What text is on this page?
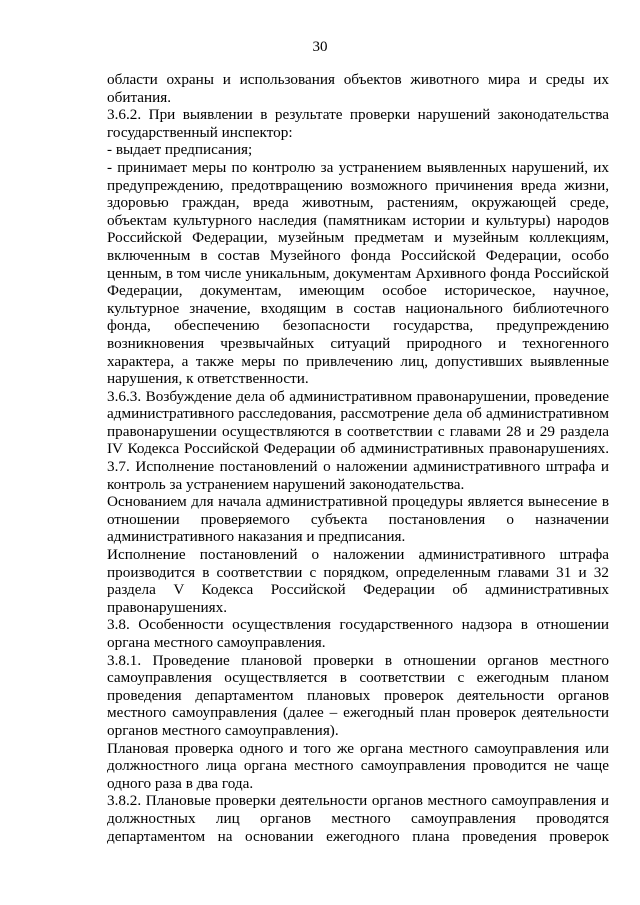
30
области охраны и использования объектов животного мира и среды их
обитания.
3.6.2. При выявлении в результате проверки нарушений законодательства
государственный инспектор:
- выдает предписания;
- принимает меры по контролю за устранением выявленных нарушений, их
предупреждению, предотвращению возможного причинения вреда жизни,
здоровью граждан, вреда животным, растениям, окружающей среде,
объектам культурного наследия (памятникам истории и культуры) народов
Российской Федерации, музейным предметам и музейным коллекциям,
включенным в состав Музейного фонда Российской Федерации, особо
ценным, в том числе уникальным, документам Архивного фонда Российской
Федерации, документам, имеющим особое историческое, научное,
культурное значение, входящим в состав национального библиотечного
фонда, обеспечению безопасности государства, предупреждению
возникновения чрезвычайных ситуаций природного и техногенного
характера, а также меры по привлечению лиц, допустивших выявленные
нарушения, к ответственности.
3.6.3. Возбуждение дела об административном правонарушении, проведение
административного расследования, рассмотрение дела об административном
правонарушении осуществляются в соответствии с главами 28 и 29 раздела
IV Кодекса Российской Федерации об административных правонарушениях.
3.7. Исполнение постановлений о наложении административного штрафа и
контроль за устранением нарушений законодательства.
Основанием для начала административной процедуры является вынесение в
отношении проверяемого субъекта постановления о назначении
административного наказания и предписания.
Исполнение постановлений о наложении административного штрафа
производится в соответствии с порядком, определенным главами 31 и 32
раздела V Кодекса Российской Федерации об административных
правонарушениях.
3.8. Особенности осуществления государственного надзора в отношении
органа местного самоуправления.
3.8.1. Проведение плановой проверки в отношении органов местного
самоуправления осуществляется в соответствии с ежегодным планом
проведения департаментом плановых проверок деятельности органов
местного самоуправления (далее – ежегодный план проверок деятельности
органов местного самоуправления).
Плановая проверка одного и того же органа местного самоуправления или
должностного лица органа местного самоуправления проводится не чаще
одного раза в два года.
3.8.2. Плановые проверки деятельности органов местного самоуправления и
должностных лиц органов местного самоуправления проводятся
департаментом на основании ежегодного плана проведения проверок
